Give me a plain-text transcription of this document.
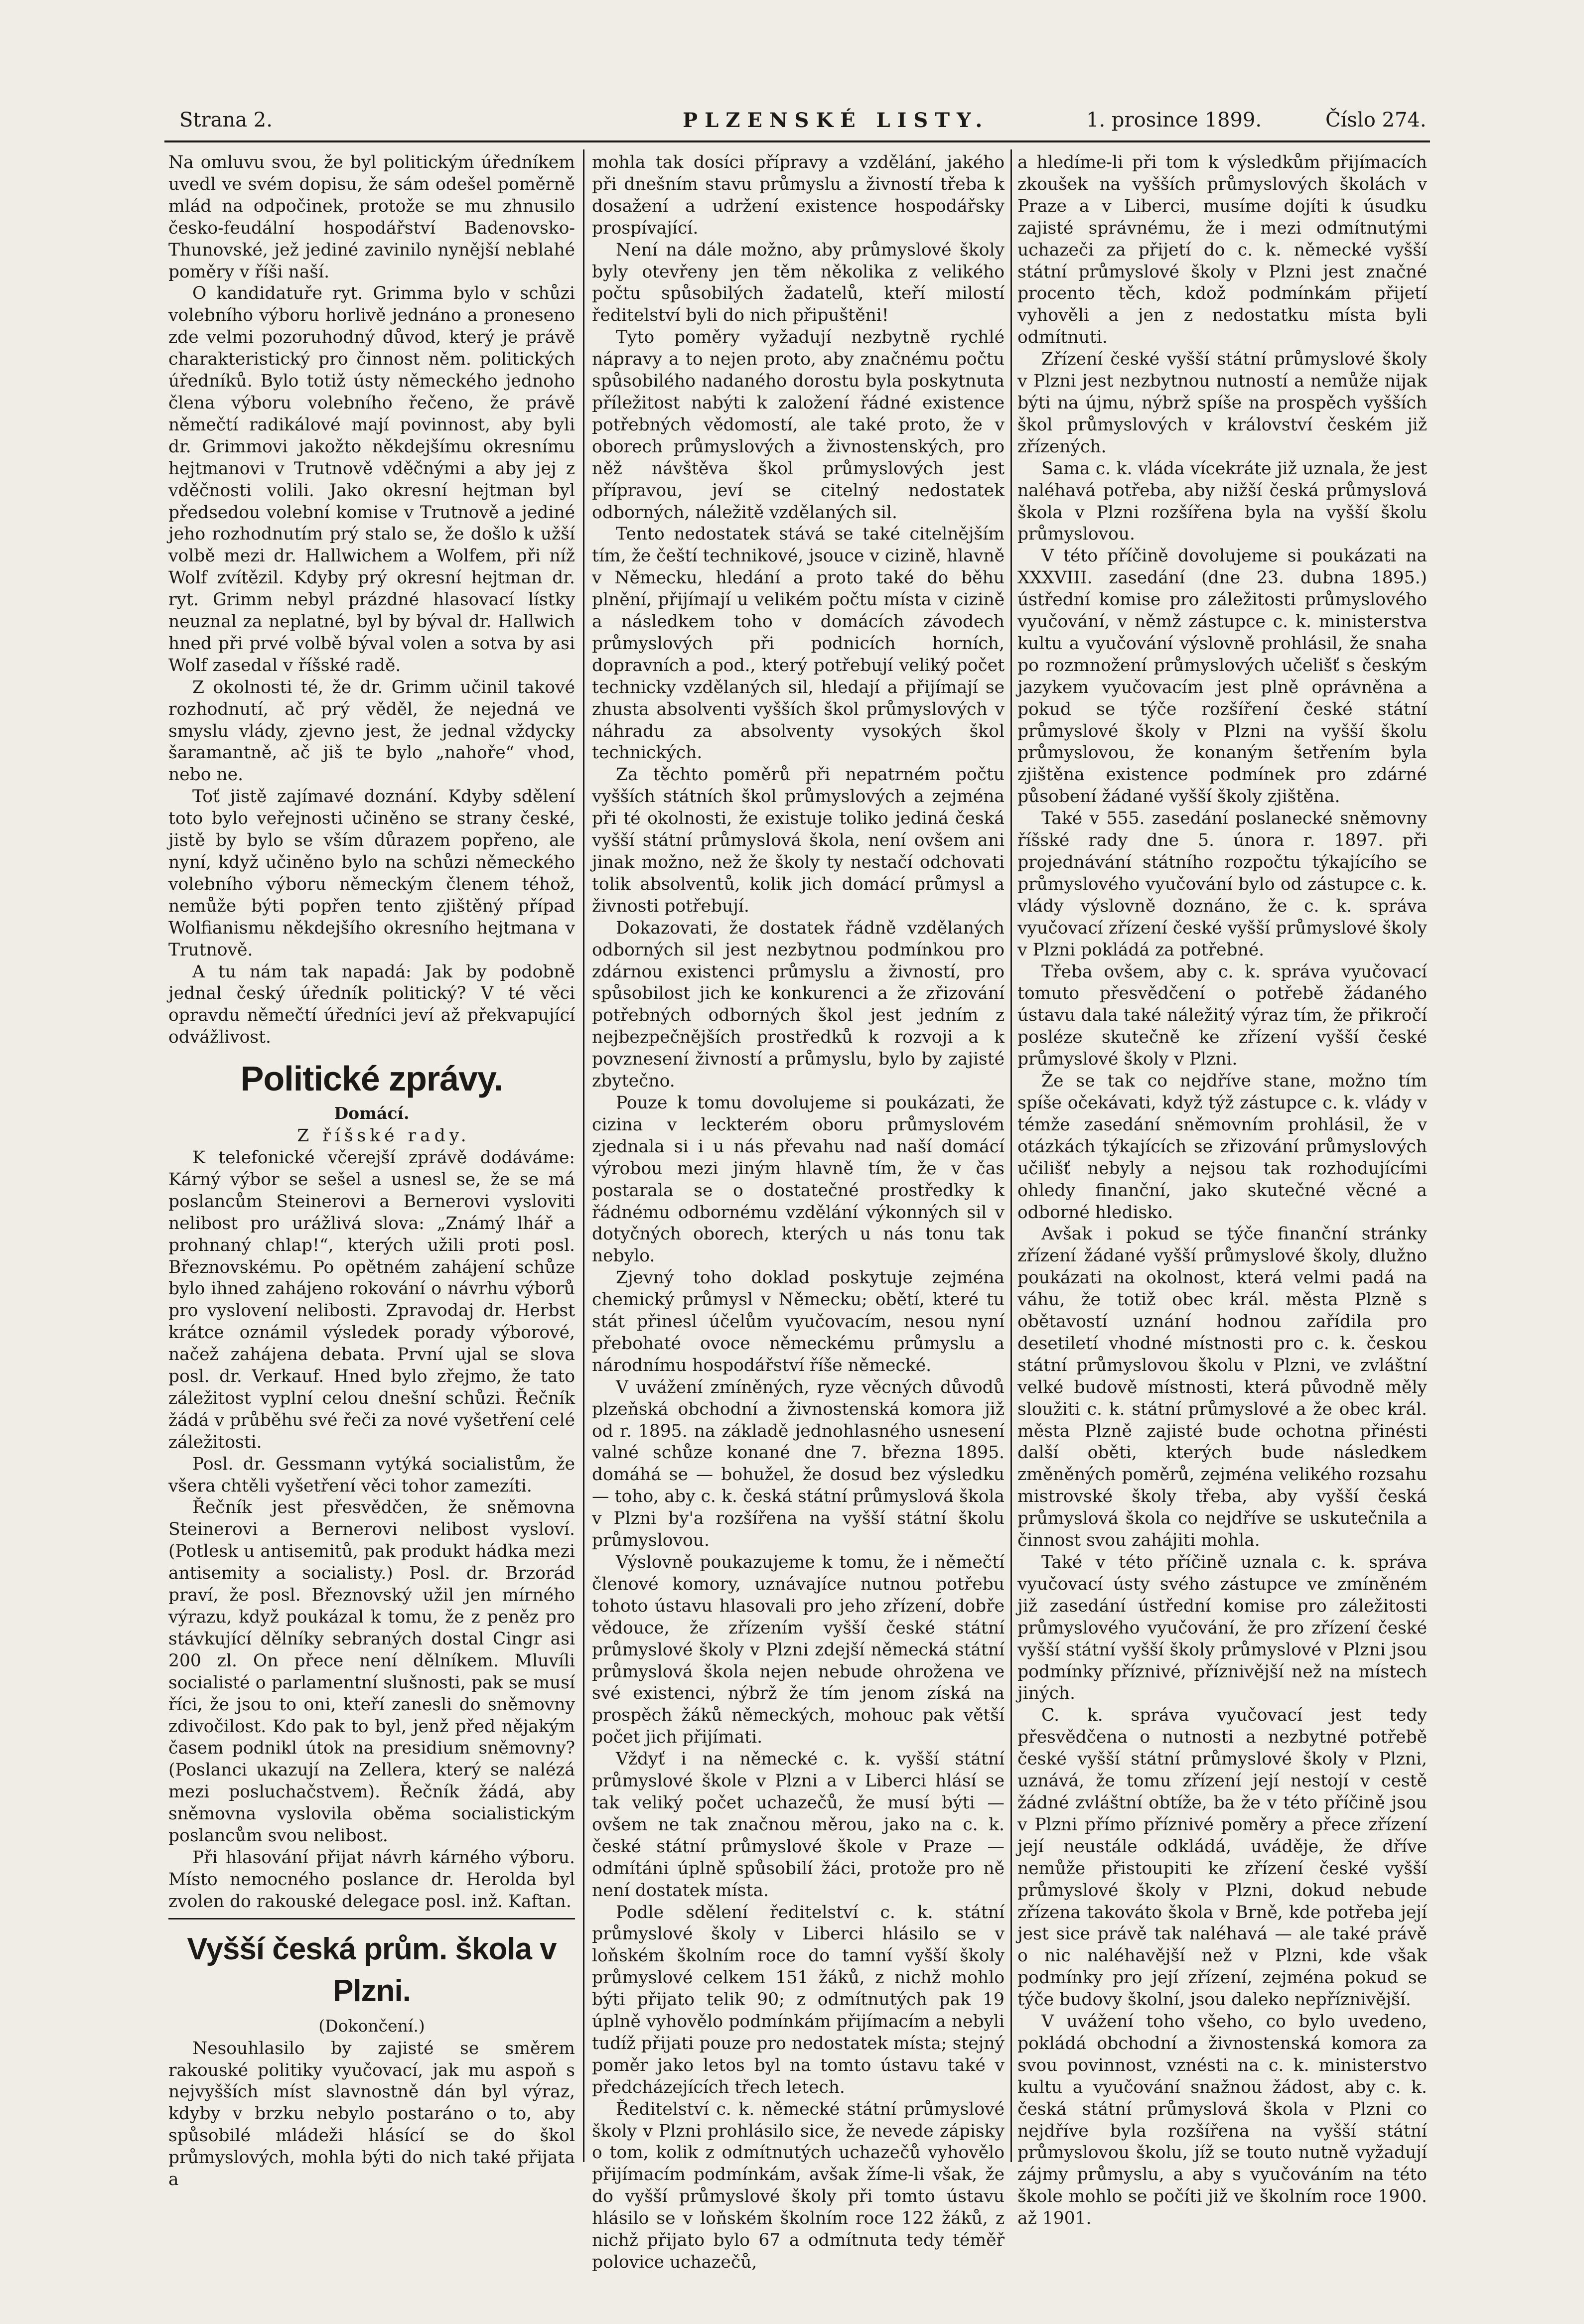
Strana 2.	PLZENSKÉ LISTY.	1. prosince 1899.	Číslo 274.

Na omluvu svou, že byl politickým úředníkem uvedl ve svém dopisu, že sám odešel poměrně mlád na odpočinek, protože se mu zhnusilo česko-feudální hospodářství Badenovsko-Thunovské, jež jediné zavinilo nynější neblahé poměry v říši naší.

O kandidatuře ryt. Grimma bylo v schůzi volebního výboru horlivě jednáno a proneseno zde velmi pozoruhodný důvod, který je právě charakteristický pro činnost něm. politických úředníků. Bylo totiž ústy německého jednoho člena výboru volebního řečeno, že právě němečtí radikálové mají povinnost, aby byli dr. Grimmovi jakožto někdejšímu okresnímu hejtmanovi v Trutnově vděčnými a aby jej z vděčnosti volili. Jako okresní hejtman byl předsedou volební komise v Trutnově a jediné jeho rozhodnutím prý stalo se, že došlo k užší volbě mezi dr. Hallwichem a Wolfem, při níž Wolf zvítězil. Kdyby prý okresní hejtman dr. ryt. Grimm nebyl prázdné hlasovací lístky neuznal za neplatné, byl by býval dr. Hallwich hned při prvé volbě býval volen a sotva by asi Wolf zasedal v říšské radě.

Z okolnosti té, že dr. Grimm učinil takové rozhodnutí, ač prý věděl, že nejedná ve smyslu vlády, zjevno jest, že jednal vždycky šaramantně, ač jiš te bylo „nahoře“ vhod, nebo ne.

Toť jistě zajímavé doznání. Kdyby sdělení toto bylo veřejnosti učiněno se strany české, jistě by bylo se vším důrazem popřeno, ale nyní, když učiněno bylo na schůzi německého volebního výboru německým členem téhož, nemůže býti popřen tento zjištěný případ Wolfianismu někdejšího okresního hejtmana v Trutnově.

A tu nám tak napadá: Jak by podobně jednal český úředník politický? V té věci opravdu němečtí úředníci jeví až překvapující odvážlivost.

Politické zprávy.
Domácí.

Z říšské rady.

K telefonické včerejší zprávě dodáváme: Kárný výbor se sešel a usnesl se, že se má poslancům Steinerovi a Bernerovi vysloviti nelibost pro urážlivá slova: „Známý lhář a prohnaný chlap!“, kterých užili proti posl. Březnovskému. Po opětném zahájení schůze bylo ihned zahájeno rokování o návrhu výborů pro vyslovení nelibosti. Zpravodaj dr. Herbst krátce oznámil výsledek porady výborové, načež zahájena debata. První ujal se slova posl. dr. Verkauf. Hned bylo zřejmo, že tato záležitost vyplní celou dnešní schůzi. Řečník žádá v průběhu své řeči za nové vyšetření celé záležitosti.

Posl. dr. Gessmann vytýká socialistům, že všera chtěli vyšetření věci tohor zamezíti.

Řečník jest přesvědčen, že sněmovna Steinerovi a Bernerovi nelibost vysloví. (Potlesk u antisemitů, pak produkt hádka mezi antisemity a socialisty.) Posl. dr. Brzorád praví, že posl. Březnovský užil jen mírného výrazu, když poukázal k tomu, že z peněz pro stávkující dělníky sebraných dostal Cingr asi 200 zl. On přece není dělníkem. Mluvíli socialisté o parlamentní slušnosti, pak se musí říci, že jsou to oni, kteří zanesli do sněmovny zdivočilost. Kdo pak to byl, jenž před nějakým časem podnikl útok na presidium sněmovny? (Poslanci ukazují na Zellera, který se nalézá mezi posluchačstvem). Řečník žádá, aby sněmovna vyslovila oběma socialistickým poslancům svou nelibost.

Při hlasování přijat návrh kárného výboru. Místo nemocného poslance dr. Herolda byl zvolen do rakouské delegace posl. inž. Kaftan.

Vyšší česká prům. škola v Plzni.
(Dokončení.)

Nesouhlasilo by zajisté se směrem rakouské politiky vyučovací, jak mu aspoň s nejvyšších míst slavnostně dán byl výraz, kdyby v brzku nebylo postaráno o to, aby spůsobilé mládeži hlásící se do škol průmyslových, mohla býti do nich také přijata a

mohla tak dosíci přípravy a vzdělání, jakého při dnešním stavu průmyslu a živností třeba k dosažení a udržení existence hospodářsky prospívající.

Není na dále možno, aby průmyslové školy byly otevřeny jen těm několika z velikého počtu spůsobilých žadatelů, kteří milostí ředitelství byli do nich připuštěni!

Tyto poměry vyžadují nezbytně rychlé nápravy a to nejen proto, aby značnému počtu spůsobilého nadaného dorostu byla poskytnuta příležitost nabýti k založení řádné existence potřebných vědomostí, ale také proto, že v oborech průmyslových a živnostenských, pro něž návštěva škol průmyslových jest přípravou, jeví se citelný nedostatek odborných, náležitě vzdělaných sil.

Tento nedostatek stává se také citelnějším tím, že čeští technikové, jsouce v cizině, hlavně v Německu, hledání a proto také do běhu plnění, přijímají u velikém počtu místa v cizině a následkem toho v domácích závodech průmyslových při podnicích horních, dopravních a pod., který potřebují veliký počet technicky vzdělaných sil, hledají a přijímají se zhusta absolventi vyšších škol průmyslových v náhradu za absolventy vysokých škol technických.

Za těchto poměrů při nepatrném počtu vyšších státních škol průmyslových a zejména při té okolnosti, že existuje toliko jediná česká vyšší státní průmyslová škola, není ovšem ani jinak možno, než že školy ty nestačí odchovati tolik absolventů, kolik jich domácí průmysl a živnosti potřebují.

Dokazovati, že dostatek řádně vzdělaných odborných sil jest nezbytnou podmínkou pro zdárnou existenci průmyslu a živností, pro spůsobilost jich ke konkurenci a že zřizování potřebných odborných škol jest jedním z nejbezpečnějších prostředků k rozvoji a k povznesení živností a průmyslu, bylo by zajisté zbytečno.

Pouze k tomu dovolujeme si poukázati, že cizina v leckterém oboru průmyslovém zjednala si i u nás převahu nad naší domácí výrobou mezi jiným hlavně tím, že v čas postarala se o dostatečné prostředky k řádnému odbornému vzdělání výkonných sil v dotyčných oborech, kterých u nás tonu tak nebylo.

Zjevný toho doklad poskytuje zejména chemický průmysl v Německu; obětí, které tu stát přinesl účelům vyučovacím, nesou nyní přebohaté ovoce německému průmyslu a národnímu hospodářství říše německé.

V uvážení zmíněných, ryze věcných důvodů plzeňská obchodní a živnostenská komora již od r. 1895. na základě jednohlasného usnesení valné schůze konané dne 7. března 1895. domáhá se — bohužel, že dosud bez výsledku — toho, aby c. k. česká státní průmyslová škola v Plzni by'a rozšířena na vyšší státní školu průmyslovou.

Výslovně poukazujeme k tomu, že i němečtí členové komory, uznávajíce nutnou potřebu tohoto ústavu hlasovali pro jeho zřízení, dobře vědouce, že zřízením vyšší české státní průmyslové školy v Plzni zdejší německá státní průmyslová škola nejen nebude ohrožena ve své existenci, nýbrž že tím jenom získá na prospěch žáků německých, mohouc pak větší počet jich přijímati.

Vždyť i na německé c. k. vyšší státní průmyslové škole v Plzni a v Liberci hlásí se tak veliký počet uchazečů, že musí býti — ovšem ne tak značnou měrou, jako na c. k. české státní průmyslové škole v Praze — odmítáni úplně spůsobilí žáci, protože pro ně není dostatek místa.

Podle sdělení ředitelství c. k. státní průmyslové školy v Liberci hlásilo se v loňském školním roce do tamní vyšší školy průmyslové celkem 151 žáků, z nichž mohlo býti přijato telik 90; z odmítnutých pak 19 úplně vyhovělo podmínkám přijímacím a nebyli tudíž přijati pouze pro nedostatek místa; stejný poměr jako letos byl na tomto ústavu také v předcházejících třech letech.

Ředitelství c. k. německé státní průmyslové školy v Plzni prohlásilo sice, že nevede zápisky o tom, kolik z odmítnutých uchazečů vyhovělo přijímacím podmínkám, avšak žíme-li však, že do vyšší průmyslové školy při tomto ústavu hlásilo se v loňském školním roce 122 žáků, z nichž přijato bylo 67 a odmítnuta tedy téměř polovice uchazečů,

a hledíme-li při tom k výsledkům přijímacích zkoušek na vyšších průmyslových školách v Praze a v Liberci, musíme dojíti k úsudku zajisté správnému, že i mezi odmítnutými uchazeči za přijetí do c. k. německé vyšší státní průmyslové školy v Plzni jest značné procento těch, kdož podmínkám přijetí vyhověli a jen z nedostatku místa byli odmítnuti.

Zřízení české vyšší státní průmyslové školy v Plzni jest nezbytnou nutností a nemůže nijak býti na újmu, nýbrž spíše na prospěch vyšších škol průmyslových v království českém již zřízených.

Sama c. k. vláda vícekráte již uznala, že jest naléhavá potřeba, aby nižší česká průmyslová škola v Plzni rozšířena byla na vyšší školu průmyslovou.

V této příčině dovolujeme si poukázati na XXXVIII. zasedání (dne 23. dubna 1895.) ústřední komise pro záležitosti průmyslového vyučování, v němž zástupce c. k. ministerstva kultu a vyučování výslovně prohlásil, že snaha po rozmnožení průmyslových učelišť s českým jazykem vyučovacím jest plně oprávněna a pokud se týče rozšíření české státní průmyslové školy v Plzni na vyšší školu průmyslovou, že konaným šetřením byla zjištěna existence podmínek pro zdárné působení žádané vyšší školy zjištěna.

Také v 555. zasedání poslanecké sněmovny říšské rady dne 5. února r. 1897. při projednávání státního rozpočtu týkajícího se průmyslového vyučování bylo od zástupce c. k. vlády výslovně doznáno, že c. k. správa vyučovací zřízení české vyšší průmyslové školy v Plzni pokládá za potřebné.

Třeba ovšem, aby c. k. správa vyučovací tomuto přesvědčení o potřebě žádaného ústavu dala také náležitý výraz tím, že přikročí posléze skutečně ke zřízení vyšší české průmyslové školy v Plzni.

Že se tak co nejdříve stane, možno tím spíše očekávati, když týž zástupce c. k. vlády v témže zasedání sněmovním prohlásil, že v otázkách týkajících se zřizování průmyslových učilišť nebyly a nejsou tak rozhodujícími ohledy finanční, jako skutečné věcné a odborné hledisko.

Avšak i pokud se týče finanční stránky zřízení žádané vyšší průmyslové školy, dlužno poukázati na okolnost, která velmi padá na váhu, že totiž obec král. města Plzně s obětavostí uznání hodnou zařídila pro desetiletí vhodné místnosti pro c. k. českou státní průmyslovou školu v Plzni, ve zvláštní velké budově místnosti, která původně měly sloužiti c. k. státní průmyslové a že obec král. města Plzně zajisté bude ochotna přinésti další oběti, kterých bude následkem změněných poměrů, zejména velikého rozsahu mistrovské školy třeba, aby vyšší česká průmyslová škola co nejdříve se uskutečnila a činnost svou zahájiti mohla.

Také v této příčině uznala c. k. správa vyučovací ústy svého zástupce ve zmíněném již zasedání ústřední komise pro záležitosti průmyslového vyučování, že pro zřízení české vyšší státní vyšší školy průmyslové v Plzni jsou podmínky příznivé, příznivější než na místech jiných.

C. k. správa vyučovací jest tedy přesvědčena o nutnosti a nezbytné potřebě české vyšší státní průmyslové školy v Plzni, uznává, že tomu zřízení její nestojí v cestě žádné zvláštní obtíže, ba že v této příčině jsou v Plzni přímo příznivé poměry a přece zřízení její neustále odkládá, uváděje, že dříve nemůže přistoupiti ke zřízení české vyšší průmyslové školy v Plzni, dokud nebude zřízena takováto škola v Brně, kde potřeba její jest sice právě tak naléhavá — ale také právě o nic naléhavější než v Plzni, kde však podmínky pro její zřízení, zejména pokud se týče budovy školní, jsou daleko nepříznivější.

V uvážení toho všeho, co bylo uvedeno, pokládá obchodní a živnostenská komora za svou povinnost, vznésti na c. k. ministerstvo kultu a vyučování snažnou žádost, aby c. k. česká státní průmyslová škola v Plzni co nejdříve byla rozšířena na vyšší státní průmyslovou školu, jíž se touto nutně vyžadují zájmy průmyslu, a aby s vyučováním na této škole mohlo se počíti již ve školním roce 1900. až 1901.
